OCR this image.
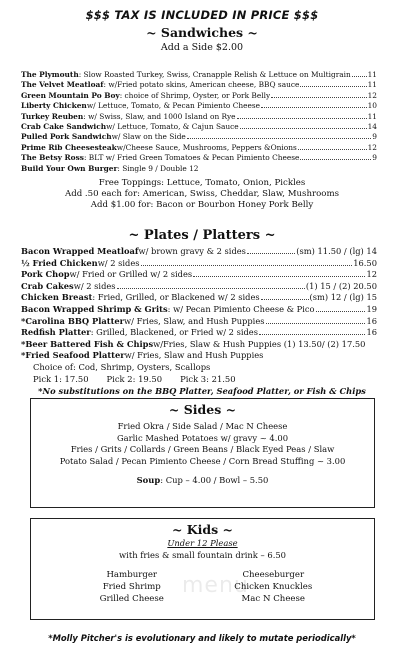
$$$ TAX IS INCLUDED IN PRICE $$$
~ Sandwiches ~
Add a Side $2.00
The Plymouth : Slow Roasted Turkey, Swiss, Cranapple Relish & Lettuce on Multigrain 11
The Velvet Meatloaf : w/Fried potato skins, American cheese, BBQ sauce	11
Green Mountain Po Boy : choice of Shrimp, Oyster, or Pork Belly	12
Liberty Chicken w/ Lettuce, Tomato, & Pecan Pimiento Cheese	10
Turkey Reuben : w/ Swiss, Slaw, and 1000 Island on Rye	11
Crab Cake Sandwich w/ Lettuce, Tomato, & Cajun Sauce	14
Pulled Pork Sandwich w/ Slaw on the Side	9
Prime Rib Cheesesteak w/Cheese Sauce, Mushrooms, Peppers &Onions	12
The Betsy Ross : BLT w/ Fried Green Tomatoes & Pecan Pimiento Cheese	9
Build Your Own Burger : Single 9 / Double 12
Free Toppings: Lettuce, Tomato, Onion, Pickles
Add .50 each for: American, Swiss, Cheddar, Slaw, Mushrooms
Add $1.00 for: Bacon or Bourbon Honey Pork Belly
~ Plates / Platters ~
Bacon Wrapped Meatloaf w/ brown gravy & 2 sides	(sm) 11.50 / (lg) 14
½ Fried Chicken w/ 2 sides	16.50
Pork Chop w/ Fried or Grilled w/ 2 sides	12
Crab Cakes w/ 2 sides	(1) 15 / (2) 20.50
Chicken Breast : Fried, Grilled, or Blackened w/ 2 sides	(sm) 12 / (lg) 15
Bacon Wrapped Shrimp & Grits : w/ Pecan Pimiento Cheese & Pico	19
*Carolina BBQ Platter w/ Fries, Slaw, and Hush Puppies	16
Redfish Platter : Grilled, Blackened, or Fried w/ 2 sides	16
*Beer Battered Fish & Chips w/Fries, Slaw & Hush Puppies (1) 13.50/ (2) 17.50
*Fried Seafood Platter w/ Fries, Slaw and Hush Puppies
Choice of: Cod, Shrimp, Oysters, Scallops
Pick 1: 17.50 Pick 2: 19.50 Pick 3: 21.50
*No substitutions on the BBQ Platter, Seafood Platter, or Fish & Chips
~ Sides ~
Fried Okra / Side Salad / Mac N Cheese
Garlic Mashed Potatoes w/ gravy ~ 4.00
Fries / Grits / Collards / Green Beans / Black Eyed Peas / Slaw
Potato Salad / Pecan Pimiento Cheese / Corn Bread Stuffing ~ 3.00
Soup: Cup – 4.00 / Bowl – 5.50
~ Kids ~
Under 12 Please
with fries & small fountain drink – 6.50
Hamburger	Cheeseburger
Fried Shrimp	Chicken Knuckles
Grilled Cheese	Mac N Cheese
menu
*Molly Pitcher's is evolutionary and likely to mutate periodically*
